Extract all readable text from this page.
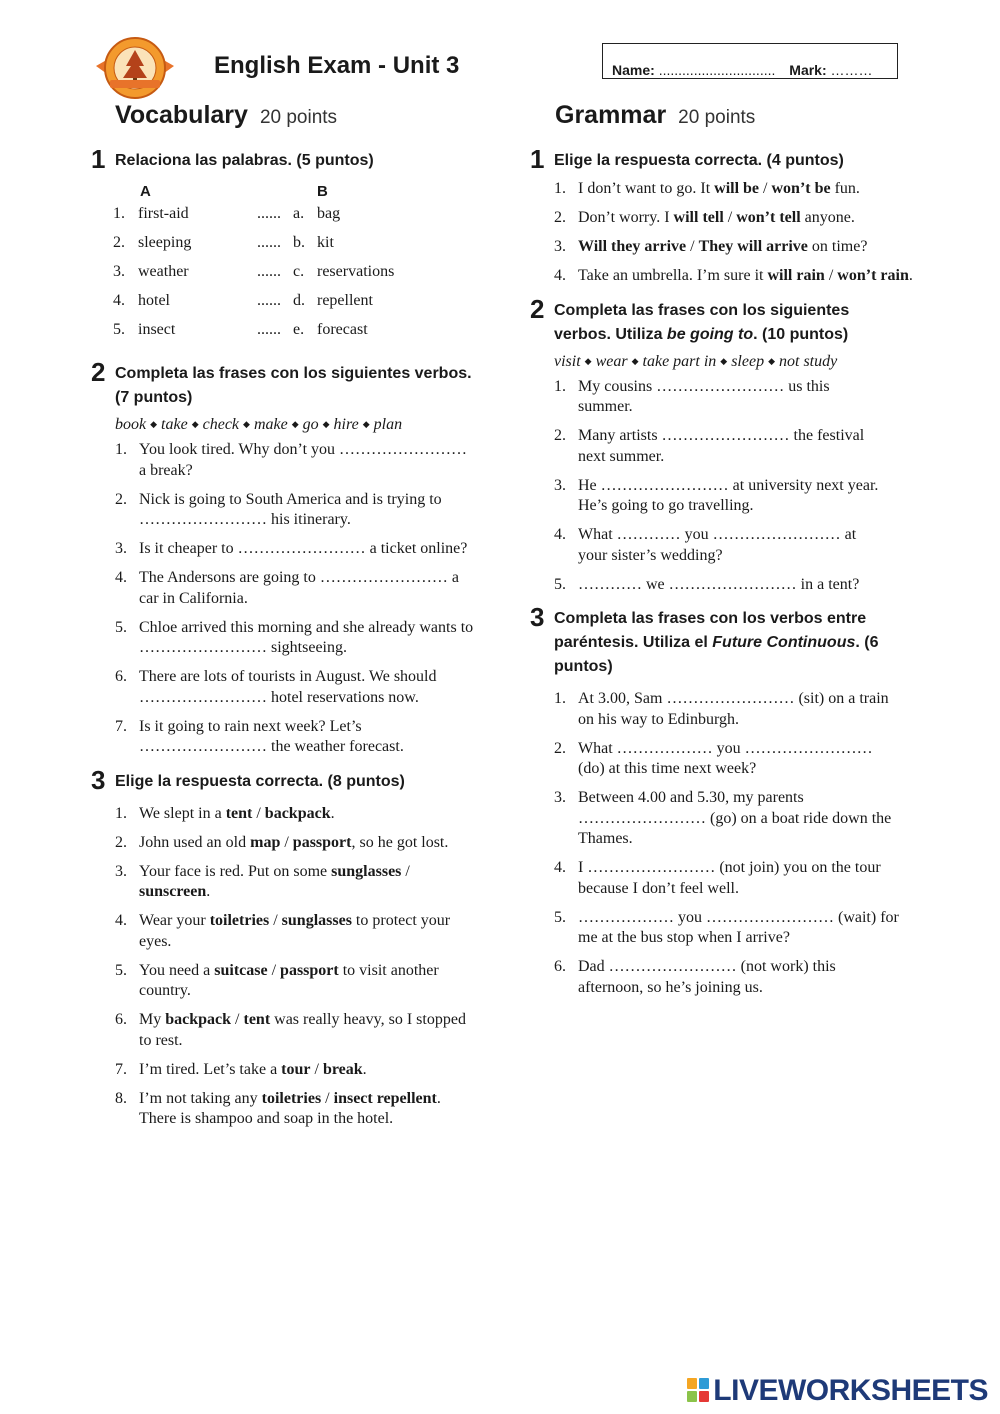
English Exam - Unit 3	Name: .............................. Mark: ………
Vocabulary 20 points	Grammar 20 points
1 Relaciona las palabras. (5 puntos)
A	B
1. first-aid	...... a. bag
2. sleeping	...... b. kit
3. weather	...... c. reservations
4. hotel	...... d. repellent
5. insect	...... e. forecast
2 Completa las frases con los siguientes verbos. (7 puntos)
book ◆ take ◆ check ◆ make ◆ go ◆ hire ◆ plan
1. You look tired. Why don’t you …………………… a break?
2. Nick is going to South America and is trying to …………………… his itinerary.
3. Is it cheaper to …………………… a ticket online?
4. The Andersons are going to …………………… a car in California.
5. Chloe arrived this morning and she already wants to …………………… sightseeing.
6. There are lots of tourists in August. We should …………………… hotel reservations now.
7. Is it going to rain next week? Let’s …………………… the weather forecast.
3 Elige la respuesta correcta. (8 puntos)
1. We slept in a tent / backpack.
2. John used an old map / passport, so he got lost.
3. Your face is red. Put on some sunglasses / sunscreen.
4. Wear your toiletries / sunglasses to protect your eyes.
5. You need a suitcase / passport to visit another country.
6. My backpack / tent was really heavy, so I stopped to rest.
7. I’m tired. Let’s take a tour / break.
8. I’m not taking any toiletries / insect repellent. There is shampoo and soap in the hotel.
1 Elige la respuesta correcta. (4 puntos)
1. I don’t want to go. It will be / won’t be fun.
2. Don’t worry. I will tell / won’t tell anyone.
3. Will they arrive / They will arrive on time?
4. Take an umbrella. I’m sure it will rain / won’t rain.
2 Completa las frases con los siguientes verbos. Utiliza be going to. (10 puntos)
visit ◆ wear ◆ take part in ◆ sleep ◆ not study
1. My cousins …………………… us this summer.
2. Many artists …………………… the festival next summer.
3. He …………………… at university next year. He’s going to go travelling.
4. What ………… you …………………… at your sister’s wedding?
5. ………… we …………………… in a tent?
3 Completa las frases con los verbos entre paréntesis. Utiliza el Future Continuous. (6 puntos)
1. At 3.00, Sam …………………… (sit) on a train on his way to Edinburgh.
2. What ……………… you …………………… (do) at this time next week?
3. Between 4.00 and 5.30, my parents …………………… (go) on a boat ride down the Thames.
4. I …………………… (not join) you on the tour because I don’t feel well.
5. ……………… you …………………… (wait) for me at the bus stop when I arrive?
6. Dad …………………… (not work) this afternoon, so he’s joining us.
LIVEWORKSHEETS
